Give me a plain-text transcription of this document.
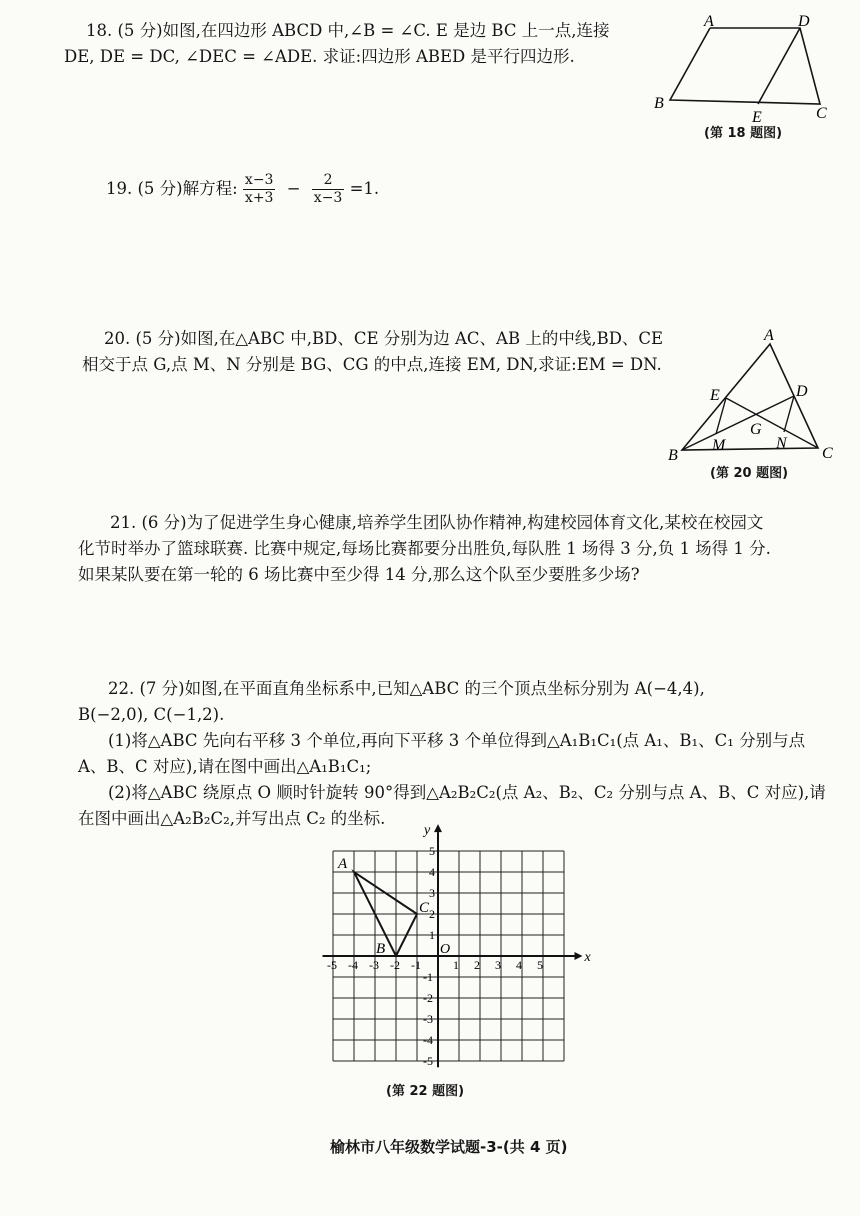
18. (5 分)如图,在四边形 ABCD 中,∠B = ∠C. E 是边 BC 上一点,连接

DE, DE = DC, ∠DEC = ∠ADE. 求证:四边形 ABED 是平行四边形.

A	D
B
E	C
(第 18 题图)
19. (5 分)解方程: $\frac{x-3}{x+3} - \frac{2}{x-3} =1$.

20. (5 分)如图,在△ABC 中,BD、CE 分别为边 AC、AB 上的中线,BD、CE

相交于点 G,点 M、N 分别是 BG、CG 的中点,连接 EM, DN,求证:EM = DN.

A
E	D
G
M	N
B	C
(第 20 题图)

21. (6 分)为了促进学生身心健康,培养学生团队协作精神,构建校园体育文化,某校在校园文

化节时举办了篮球联赛. 比赛中规定,每场比赛都要分出胜负,每队胜 1 场得 3 分,负 1 场得 1 分.

如果某队要在第一轮的 6 场比赛中至少得 14 分,那么这个队至少要胜多少场?

22. (7 分)如图,在平面直角坐标系中,已知△ABC 的三个顶点坐标分别为 A(−4,4),

B(−2,0), C(−1,2).

(1)将△ABC 先向右平移 3 个单位,再向下平移 3 个单位得到△A₁B₁C₁(点 A₁、B₁、C₁ 分别与点

A、B、C 对应),请在图中画出△A₁B₁C₁;

(2)将△ABC 绕原点 O 顺时针旋转 90°得到△A₂B₂C₂(点 A₂、B₂、C₂ 分别与点 A、B、C 对应),请

在图中画出△A₂B₂C₂,并写出点 C₂ 的坐标.

-5 -4 -3 -2 -1	1 2 3 4 5
1
2
3
4
5
-1
-2
-3
-4
-5
x
y
O
A
B
C
(第 22 题图)
榆林市八年级数学试题-3-(共 4 页)
